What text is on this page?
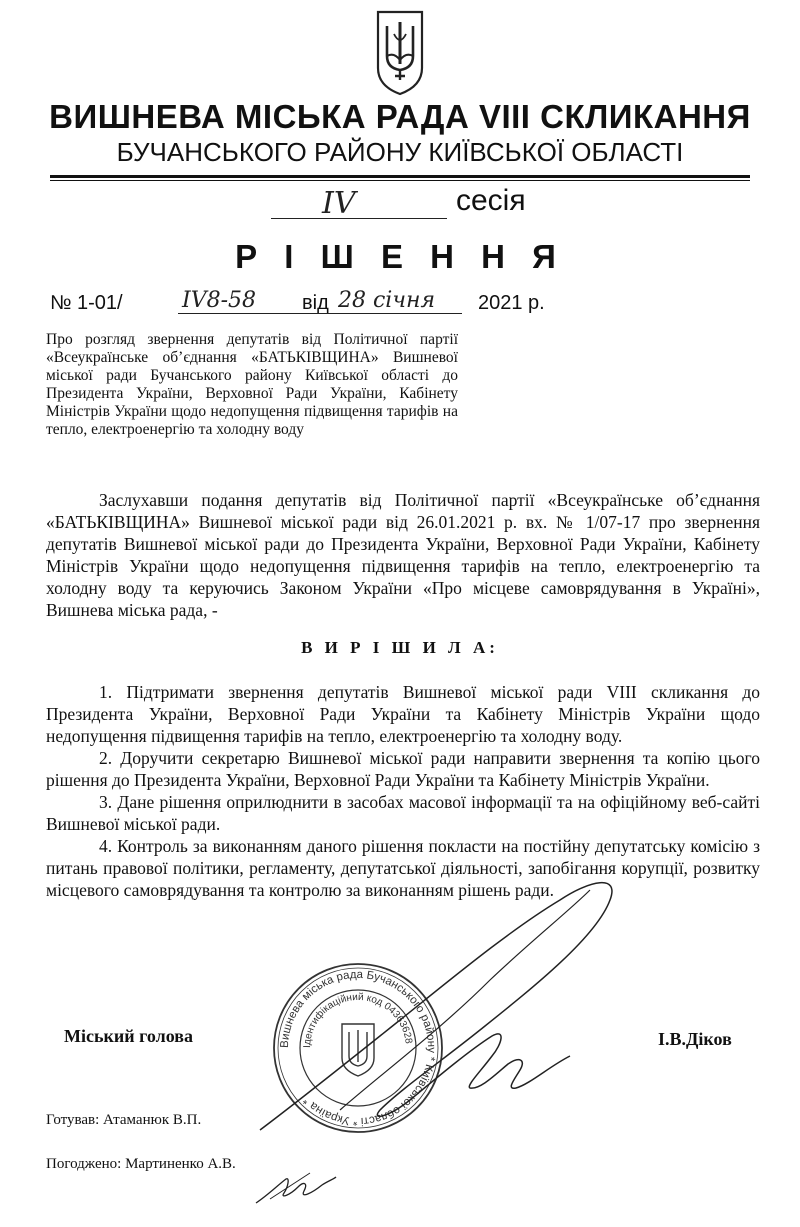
ВИШНЕВА МІСЬКА РАДА VIII СКЛИКАННЯ
БУЧАНСЬКОГО РАЙОНУ КИЇВСЬКОЇ ОБЛАСТІ
IV	сесія
Р І Ш Е Н Н Я
№ 1-01/	IV8-58 від 28 січня 2021 р.
Про розгляд звернення депутатів від Політичної партії «Всеукраїнське об’єднання «БАТЬКІВЩИНА» Вишневої міської ради Бучанського району Київської області до Президента України, Верховної Ради України, Кабінету Міністрів України щодо недопущення підвищення тарифів на тепло, електроенергію та холодну воду
Заслухавши подання депутатів від Політичної партії «Всеукраїнське об’єднання «БАТЬКІВЩИНА» Вишневої міської ради від 26.01.2021 р. вх. № 1/07-17 про звернення депутатів Вишневої міської ради до Президента України, Верховної Ради України, Кабінету Міністрів України щодо недопущення підвищення тарифів на тепло, електроенергію та холодну воду та керуючись Законом України «Про місцеве самоврядування в Україні», Вишнева міська рада, -
В И Р І Ш И Л А:

1. Підтримати звернення депутатів Вишневої міської ради VIII скликання до Президента України, Верховної Ради України та Кабінету Міністрів України щодо недопущення підвищення тарифів на тепло, електроенергію та холодну воду.

2. Доручити секретарю Вишневої міської ради направити звернення та копію цього рішення до Президента України, Верховної Ради України та Кабінету Міністрів України.

3. Дане рішення оприлюднити в засобах масової інформації та на офіційному веб-сайті Вишневої міської ради.

4. Контроль за виконанням даного рішення покласти на постійну депутатську комісію з питань правової політики, регламенту, депутатської діяльності, запобігання корупції, розвитку місцевого самоврядування та контролю за виконанням рішень ради.

Вишнева міська рада Бучанського району * Київської області * Україна *
Ідентифікаційний код 04363628
Міський голова	І.В.Діков
Готував: Атаманюк В.П.
Погоджено: Мартиненко А.В.
